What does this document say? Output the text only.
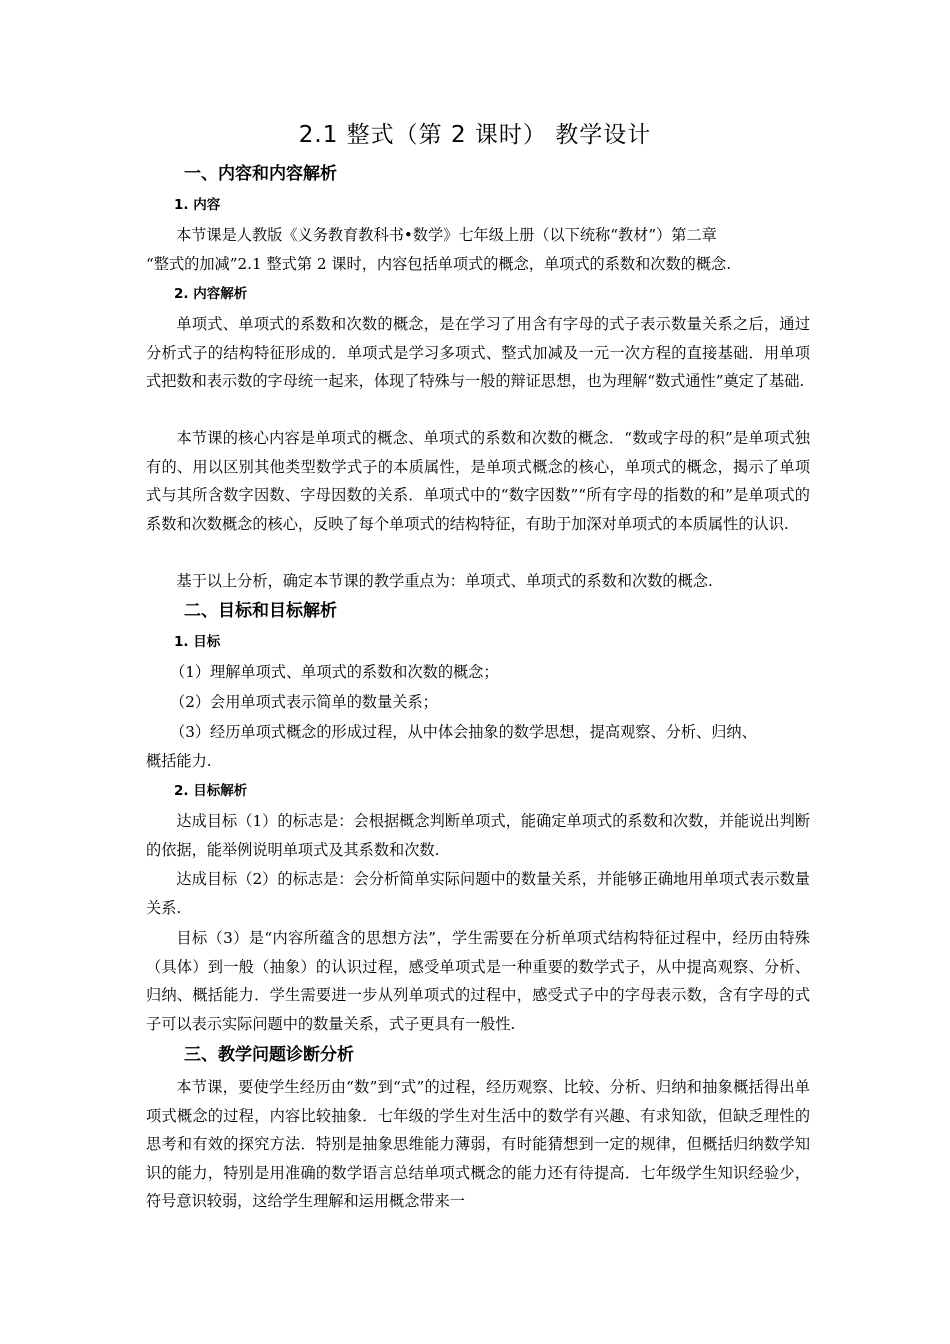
2.1 整式（第 2 课时） 教学设计
一、内容和内容解析
1. 内容
本节课是人教版《义务教育教科书•数学》七年级上册（以下统称“教材”）第二章
“整式的加减”2.1 整式第 2 课时，内容包括单项式的概念，单项式的系数和次数的概念.
2. 内容解析

单项式、单项式的系数和次数的概念，是在学习了用含有字母的式子表示数量关系之后，通过分析式子的结构特征形成的．单项式是学习多项式、整式加减及一元一次方程的直接基础．用单项式把数和表示数的字母统一起来，体现了特殊与一般的辩证思想，也为理解“数式通性”奠定了基础.

本节课的核心内容是单项式的概念、单项式的系数和次数的概念．“数或字母的积”是单项式独有的、用以区别其他类型数学式子的本质属性，是单项式概念的核心，单项式的概念，揭示了单项式与其所含数字因数、字母因数的关系．单项式中的“数字因数”“所有字母的指数的和”是单项式的系数和次数概念的核心，反映了每个单项式的结构特征，有助于加深对单项式的本质属性的认识.

基于以上分析，确定本节课的教学重点为：单项式、单项式的系数和次数的概念.

二、目标和目标解析
1. 目标
（1）理解单项式、单项式的系数和次数的概念；
（2）会用单项式表示简单的数量关系；
（3）经历单项式概念的形成过程，从中体会抽象的数学思想，提高观察、分析、归纳、
概括能力.
2. 目标解析

达成目标（1）的标志是：会根据概念判断单项式，能确定单项式的系数和次数，并能说出判断的依据，能举例说明单项式及其系数和次数.

达成目标（2）的标志是：会分析简单实际问题中的数量关系，并能够正确地用单项式表示数量关系.

目标（3）是“内容所蕴含的思想方法”，学生需要在分析单项式结构特征过程中，经历由特殊（具体）到一般（抽象）的认识过程，感受单项式是一种重要的数学式子，从中提高观察、分析、归纳、概括能力．学生需要进一步从列单项式的过程中，感受式子中的字母表示数，含有字母的式子可以表示实际问题中的数量关系，式子更具有一般性.

三、教学问题诊断分析

本节课，要使学生经历由“数”到“式”的过程，经历观察、比较、分析、归纳和抽象概括得出单项式概念的过程，内容比较抽象．七年级的学生对生活中的数学有兴趣、有求知欲，但缺乏理性的思考和有效的探究方法．特别是抽象思维能力薄弱，有时能猜想到一定的规律，但概括归纳数学知识的能力，特别是用准确的数学语言总结单项式概念的能力还有待提高．七年级学生知识经验少，符号意识较弱，这给学生理解和运用概念带来一
